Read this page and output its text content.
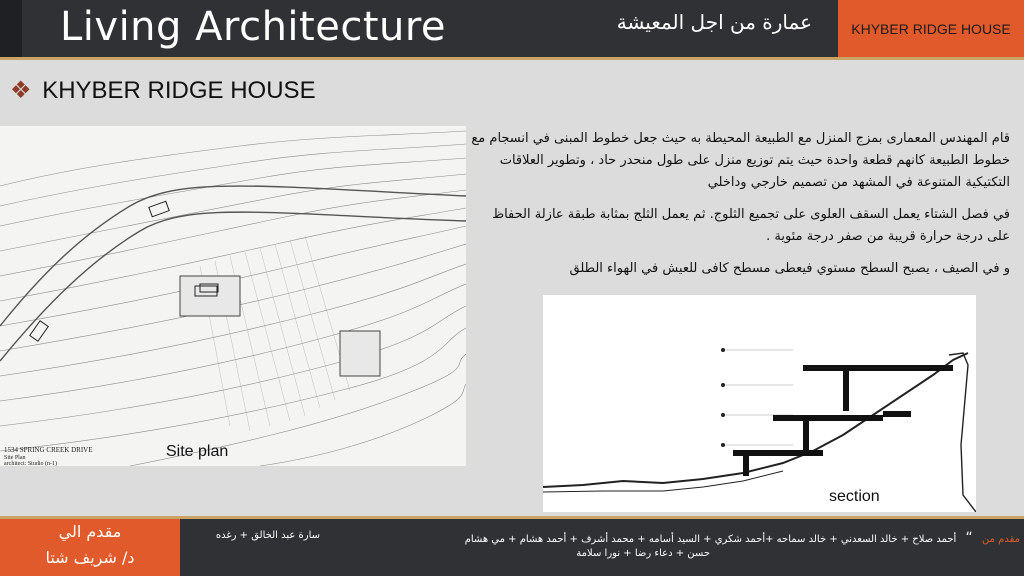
Living Architecture	عمارة من اجل المعيشة	KHYBER RIDGE HOUSE
❖ KHYBER RIDGE HOUSE
1534 SPRING CREEK DRIVE
Site Plan
architect: Studio (n-1)
Site plan

قام المهندس المعمارى بمزج المنزل مع الطبيعة المحيطة به حيث جعل خطوط المبنى في انسجام مع خطوط الطبيعة كانهم قطعة واحدة حيث يتم توزيع منزل على طول منحدر حاد ، وتطوير العلاقات التكتيكية المتنوعة في المشهد من تصميم خارجي وداخلي

في فصل الشتاء يعمل السقف العلوى على تجميع الثلوج. ثم يعمل الثلج بمثابة طبقة عازلة الحفاظ على درجة حرارة قريبة من صفر درجة مئوية .

و في الصيف ، يصبح السطح مستوي فيعطى مسطح كافى للعيش في الهواء الطلق

section
مقدم الي
د/ شريف شتا
مقدم من “ أحمد صلاح + خالد السعدني + خالد سماحه +أحمد شكري + السيد أسامه + محمد أشرف + أحمد هشام + مي هشام
سارة عبد الخالق + رغده
حسن + دعاء رضا + نورا سلامة
